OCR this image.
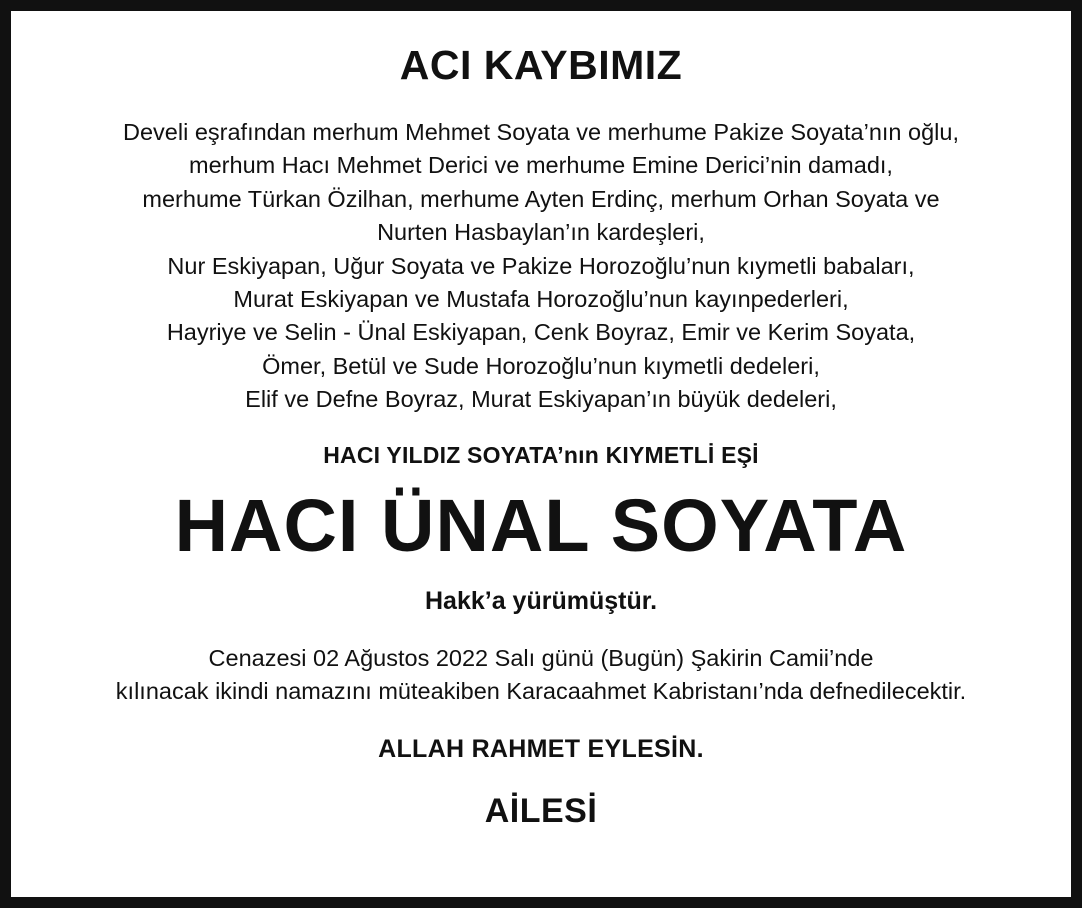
ACI KAYBIMIZ
Develi eşrafından merhum Mehmet Soyata ve merhume Pakize Soyata’nın oğlu,
merhum Hacı Mehmet Derici ve merhume Emine Derici’nin damadı,
merhume Türkan Özilhan, merhume Ayten Erdinç, merhum Orhan Soyata ve
Nurten Hasbaylan’ın kardeşleri,
Nur Eskiyapan, Uğur Soyata ve Pakize Horozoğlu’nun kıymetli babaları,
Murat Eskiyapan ve Mustafa Horozoğlu’nun kayınpederleri,
Hayriye ve Selin - Ünal Eskiyapan, Cenk Boyraz, Emir ve Kerim Soyata,
Ömer, Betül ve Sude Horozoğlu’nun kıymetli dedeleri,
Elif ve Defne Boyraz, Murat Eskiyapan’ın büyük dedeleri,
HACI YILDIZ SOYATA’nın KIYMETLİ EŞİ
HACI ÜNAL SOYATA
Hakk’a yürümüştür.
Cenazesi 02 Ağustos 2022 Salı günü (Bugün) Şakirin Camii’nde
kılınacak ikindi namazını müteakiben Karacaahmet Kabristanı’nda defnedilecektir.
ALLAH RAHMET EYLESİN.
AİLESİ
